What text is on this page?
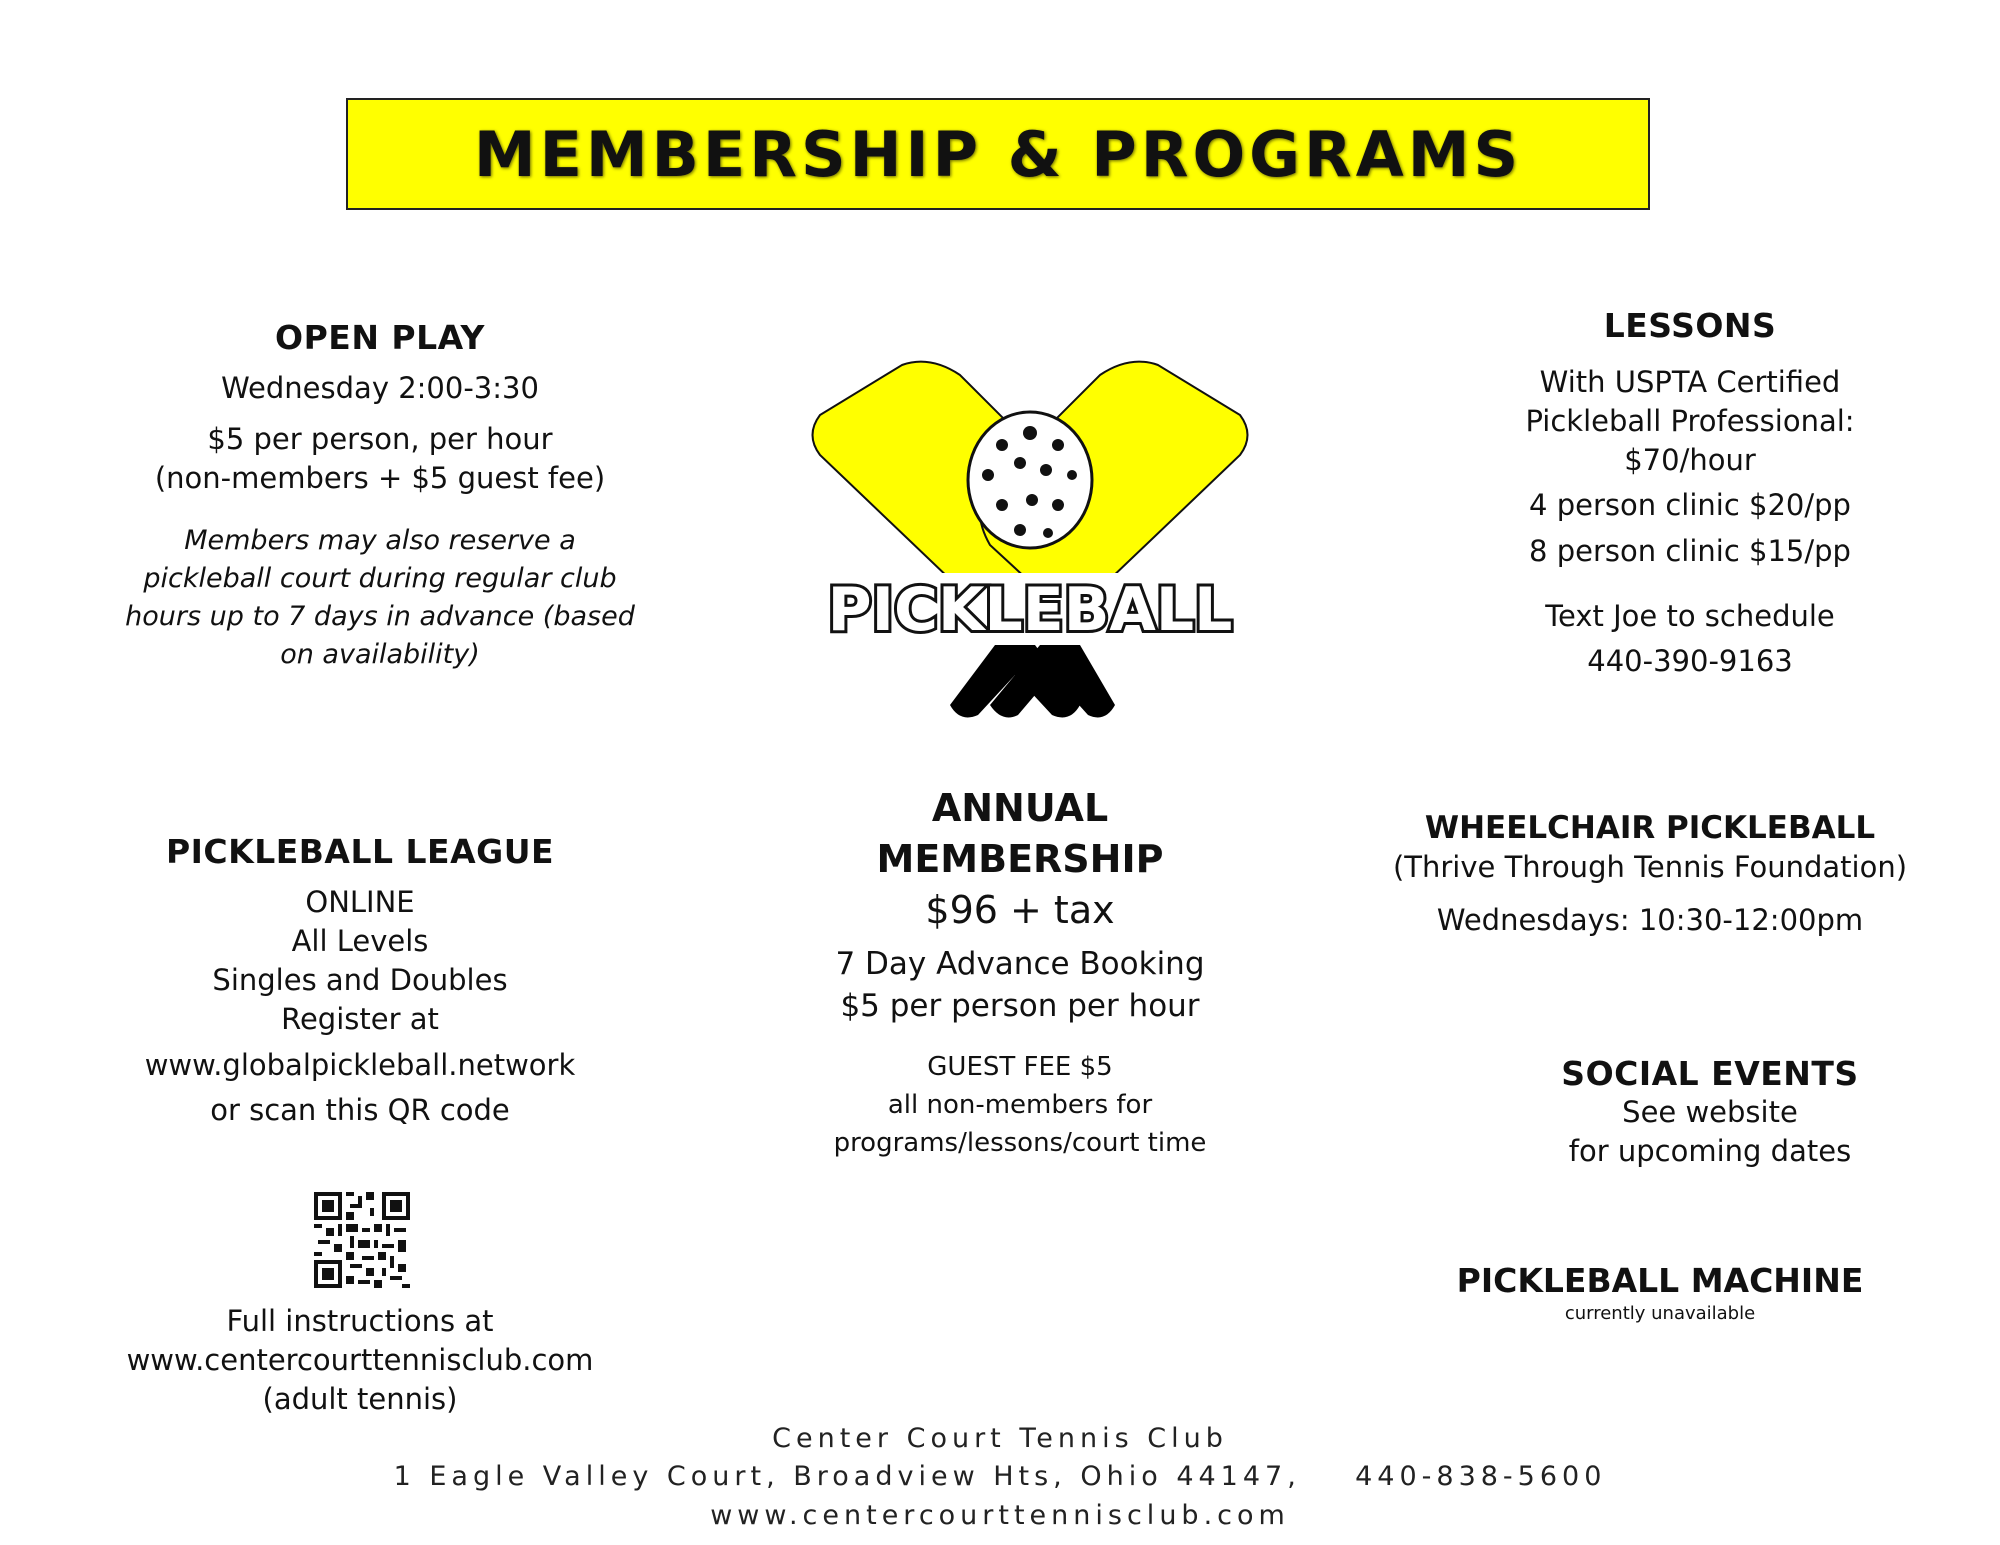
MEMBERSHIP & PROGRAMS
OPEN PLAY
Wednesday 2:00-3:30
$5 per person, per hour
(non-members + $5 guest fee)
Members may also reserve a
pickleball court during regular club
hours up to 7 days in advance (based
on availability)
PICKLEBALL
LESSONS
With USPTA Certified
Pickleball Professional:
$70/hour
4 person clinic $20/pp
8 person clinic $15/pp
Text Joe to schedule
440-390-9163
PICKLEBALL LEAGUE
ONLINE
All Levels
Singles and Doubles
Register at
www.globalpickleball.network
or scan this QR code
Full instructions at
www.centercourttennisclub.com
(adult tennis)
ANNUAL
MEMBERSHIP
$96 + tax
7 Day Advance Booking
$5 per person per hour
GUEST FEE $5
all non-members for
programs/lessons/court time
WHEELCHAIR PICKLEBALL
(Thrive Through Tennis Foundation)
Wednesdays: 10:30-12:00pm
SOCIAL EVENTS
See website
for upcoming dates
PICKLEBALL MACHINE
currently unavailable
Center Court Tennis Club
1 Eagle Valley Court, Broadview Hts, Ohio 44147,    440-838-5600
www.centercourttennisclub.com
